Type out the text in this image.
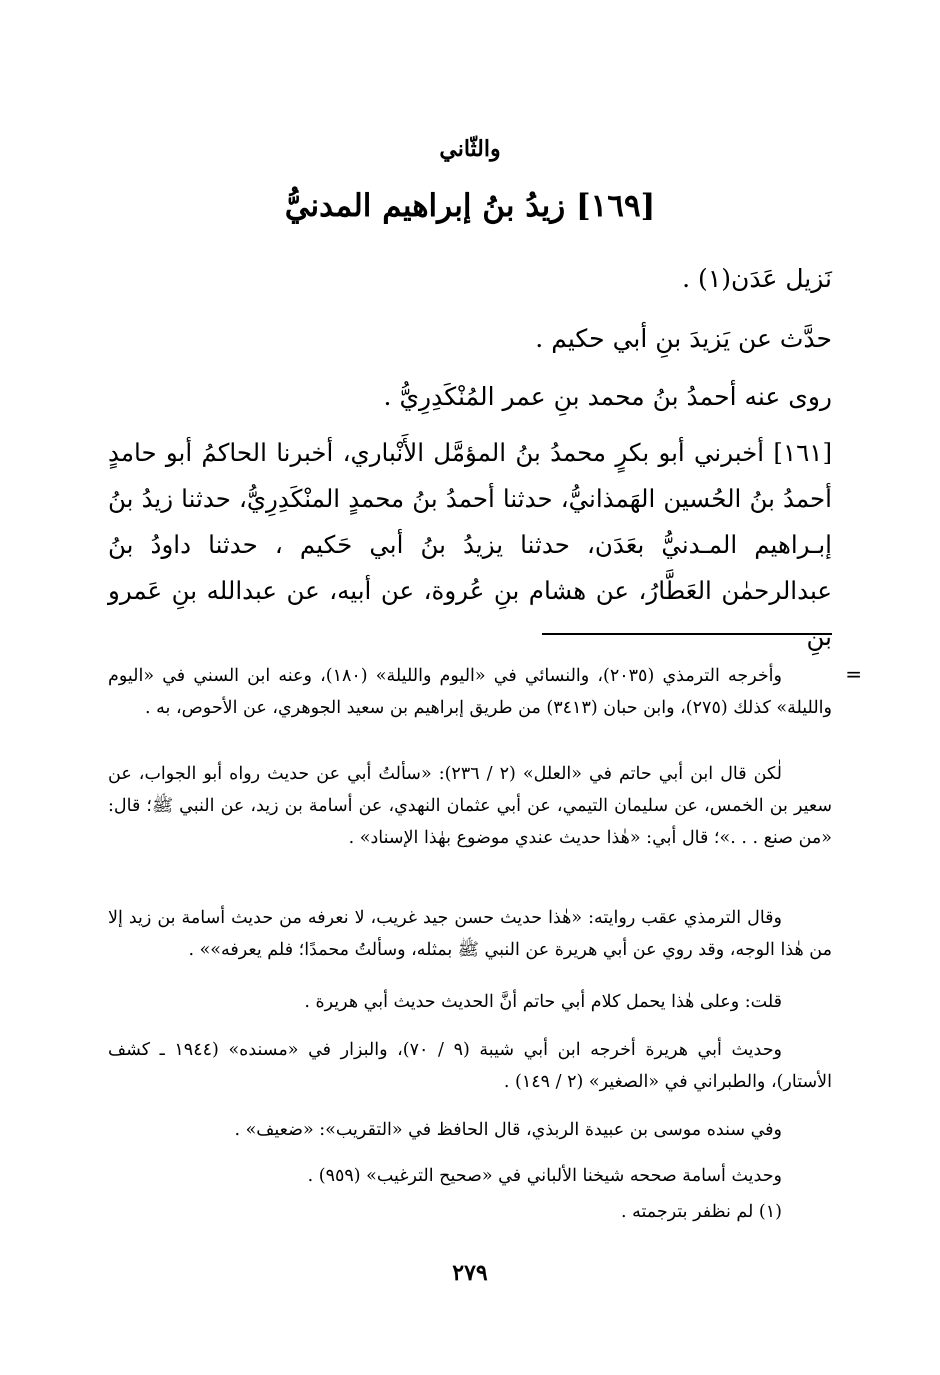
والثّاني
[١٦٩] زيدُ بنُ إبراهيم المدنيُّ

نَزيل عَدَن(١) .

حدَّث عن يَزيدَ بنِ أبي حكيم .

روى عنه أحمدُ بنُ محمد بنِ عمر المُنْكَدِرِيُّ .

[١٦١] أخبرني أبو بكرٍ محمدُ بنُ المؤمَّل الأَنْباري، أخبرنا الحاكمُ أبو حامدٍ أحمدُ بنُ الحُسين الهَمذانيُّ، حدثنا أحمدُ بنُ محمدٍ المنْكَدِرِيُّ، حدثنا زيدُ بنُ إبـراهيم المـدنيُّ بعَدَن، حدثنا يزيدُ بنُ أبي حَكيم ، حدثنا داودُ بنُ عبدالرحمٰن العَطَّارُ، عن هشام بنِ عُروة، عن أبيه، عن عبدالله بنِ عَمرو بنِ

=

وأخرجه الترمذي (٢٠٣٥)، والنسائي في «اليوم والليلة» (١٨٠)، وعنه ابن السني في «اليوم والليلة» كذلك (٢٧٥)، وابن حبان (٣٤١٣) من طريق إبراهيم بن سعيد الجوهري، عن الأحوص، به .

لٰكن قال ابن أبي حاتم في «العلل» (٢ / ٢٣٦): «سألتُ أبي عن حديث رواه أبو الجواب، عن سعير بن الخمس، عن سليمان التيمي، عن أبي عثمان النهدي، عن أسامة بن زيد، عن النبي ﷺ؛ قال: «من صنع . . .»؛ قال أبي: «هٰذا حديث عندي موضوع بهٰذا الإسناد» .

وقال الترمذي عقب روايته: «هٰذا حديث حسن جيد غريب، لا نعرفه من حديث أسامة بن زيد إلا من هٰذا الوجه، وقد روي عن أبي هريرة عن النبي ﷺ بمثله، وسألتُ محمدًا؛ فلم يعرفه»» .

قلت: وعلى هٰذا يحمل كلام أبي حاتم أنَّ الحديث حديث أبي هريرة .

وحديث أبي هريرة أخرجه ابن أبي شيبة (٩ / ٧٠)، والبزار في «مسنده» (١٩٤٤ ـ كشف الأستار)، والطبراني في «الصغير» (٢ / ١٤٩) .

وفي سنده موسى بن عبيدة الربذي، قال الحافظ في «التقريب»: «ضعيف» .

وحديث أسامة صححه شيخنا الألباني في «صحيح الترغيب» (٩٥٩) .

(١) لم نظفر بترجمته .

٢٧٩
